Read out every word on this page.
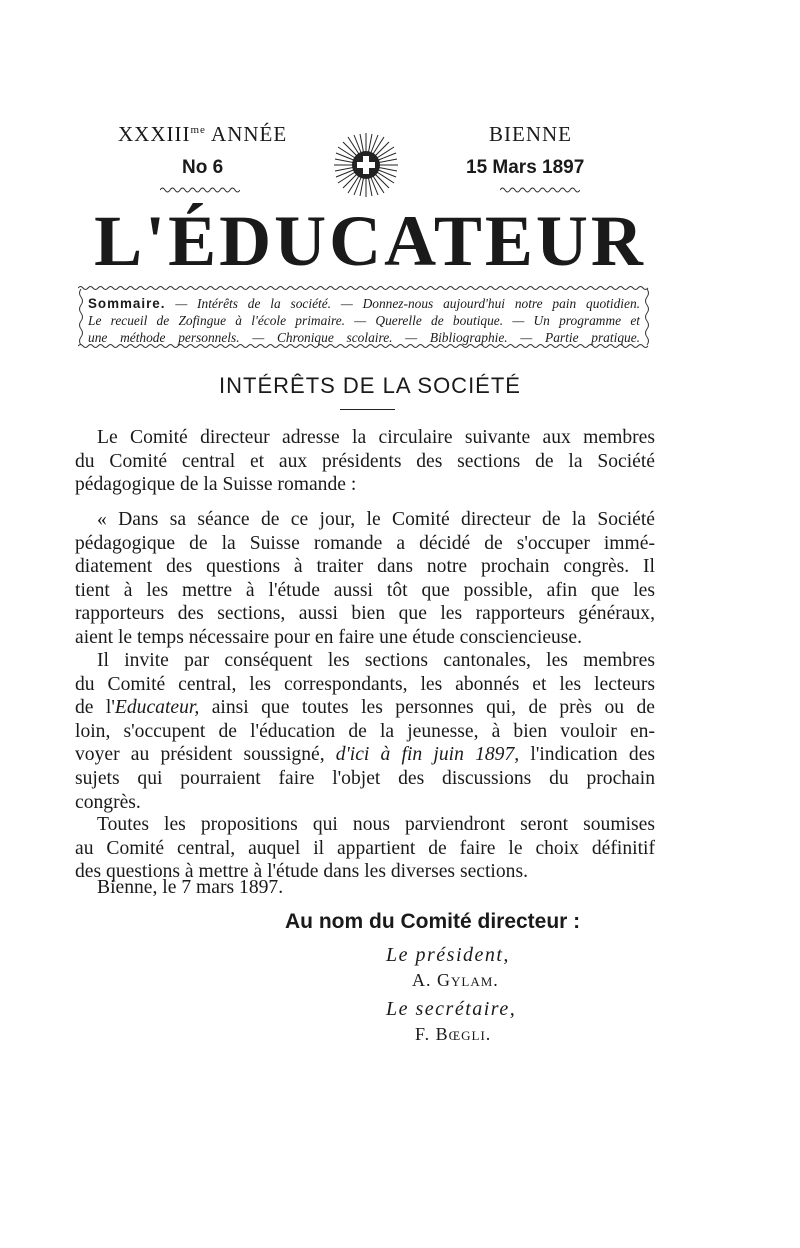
$XXXIII^{me}$ ANNÉE
No 6
BIENNE
15 Mars 1897
L'ÉDUCATEUR
Sommaire. — Intérêts de la société. — Donnez-nous aujourd'hui notre pain quotidien.
Le recueil de Zofingue à l'école primaire. — Querelle de boutique. — Un programme et
une méthode personnels. — Chronique scolaire. — Bibliographie. — Partie pratique.
INTÉRÊTS DE LA SOCIÉTÉ
Le Comité directeur adresse la circulaire suivante aux membres
du Comité central et aux présidents des sections de la Société
pédagogique de la Suisse romande :
« Dans sa séance de ce jour, le Comité directeur de la Société
pédagogique de la Suisse romande a décidé de s'occuper immé-
diatement des questions à traiter dans notre prochain congrès. Il
tient à les mettre à l'étude aussi tôt que possible, afin que les
rapporteurs des sections, aussi bien que les rapporteurs généraux,
aient le temps nécessaire pour en faire une étude consciencieuse.
Il invite par conséquent les sections cantonales, les membres
du Comité central, les correspondants, les abonnés et les lecteurs
de l'Educateur, ainsi que toutes les personnes qui, de près ou de
loin, s'occupent de l'éducation de la jeunesse, à bien vouloir en-
voyer au président soussigné, d'ici à fin juin 1897, l'indication des
sujets qui pourraient faire l'objet des discussions du prochain
congrès.
Toutes les propositions qui nous parviendront seront soumises
au Comité central, auquel il appartient de faire le choix définitif
des questions à mettre à l'étude dans les diverses sections.
Bienne, le 7 mars 1897.
Au nom du Comité directeur :
Le président,
A. Gylam.
Le secrétaire,
F. Bœgli.
